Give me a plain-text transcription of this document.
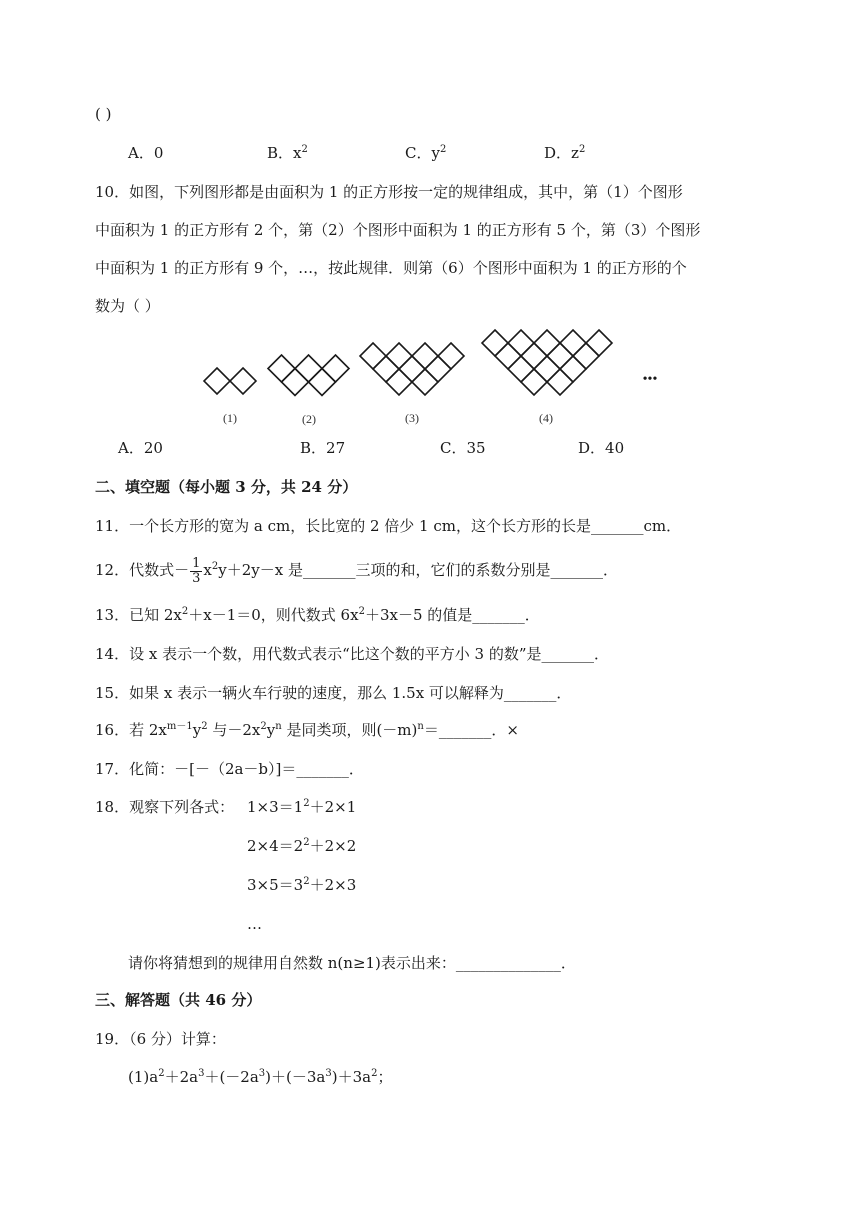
( )
A．0	B．$x^2$	C．$y^2$	D．$z^2$
10．如图，下列图形都是由面积为 1 的正方形按一定的规律组成，其中，第（1）个图形
中面积为 1 的正方形有 2 个，第（2）个图形中面积为 1 的正方形有 5 个，第（3）个图形
中面积为 1 的正方形有 9 个，…，按此规律．则第（6）个图形中面积为 1 的正方形的个
数为（ ）
(1)	(2)	(3)	(4)
•••
A．20	B．27	C．35	D．40
二、填空题（每小题 3 分，共 24 分）
11．一个长方形的宽为 a cm，长比宽的 2 倍少 1 cm，这个长方形的长是_______cm．
12．代数式－ $\frac{1}{3} x^2y+2y-x$ 是_______三项的和，它们的系数分别是_______．
13．已知 $2x^2+x-1=0$，则代数式 $6x^2+3x-5$ 的值是_______．
14．设 x 表示一个数，用代数式表示“比这个数的平方小 3 的数”是_______．
15．如果 x 表示一辆火车行驶的速度，那么 1.5x 可以解释为_______．
16．若 $2x^{m-1}y^2$ 与$-2x^2y^n$ 是同类项，则$(-m)^n=\_\_\_\_\_\_\_$．×
17．化简：－[－（2a－b）]＝_______．
18．观察下列各式： $1\times 3=1^2+2\times 1$
$2\times 4=2^2+2\times 2$
$3\times 5=3^2+2\times 3$
…
请你将猜想到的规律用自然数 n(n≥1)表示出来：______________．
三、解答题（共 46 分）
19．（6 分）计算：
$(1)a^2+2a^3+(-2a^3)+(-3a^3)+3a^2$；
